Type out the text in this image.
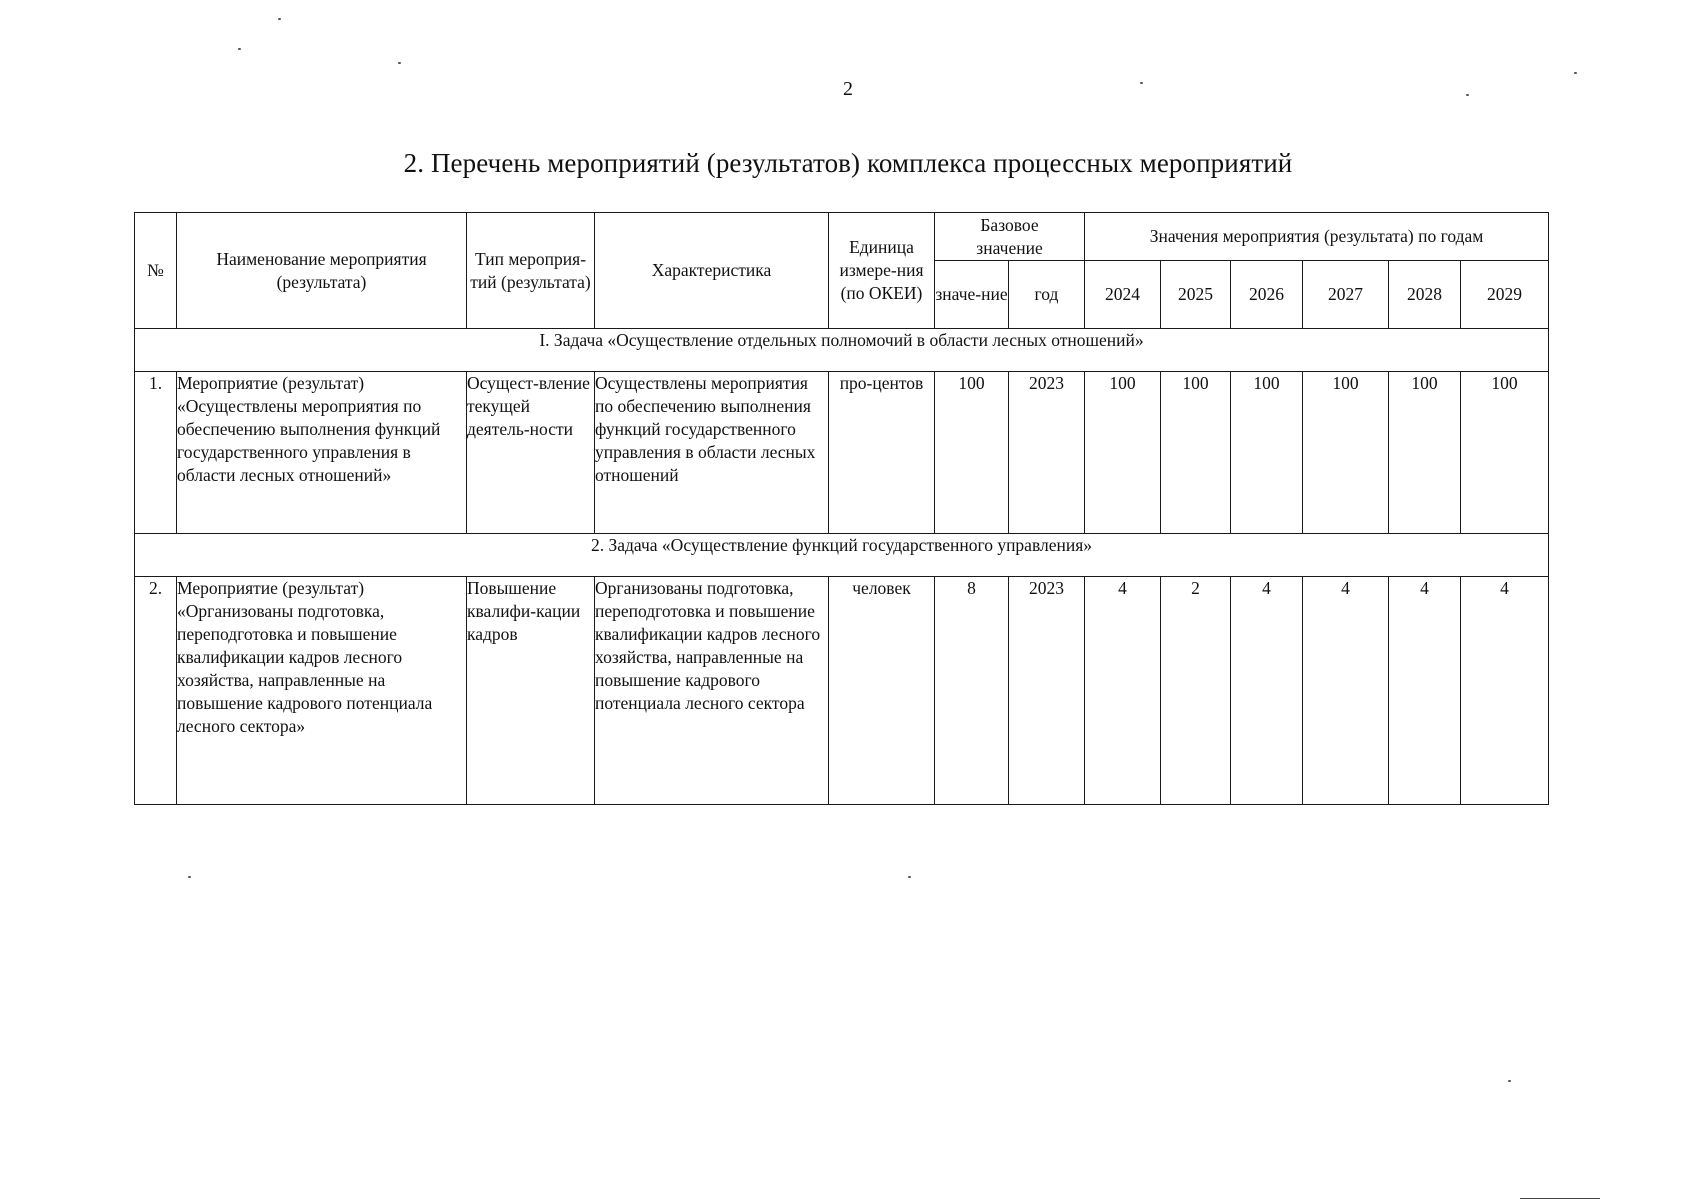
2
2. Перечень мероприятий (результатов) комплекса процессных мероприятий
№	Наименование мероприятия (результата)	Тип мероприя-тий (результата)	Характеристика	Единица измере-ния (по ОКЕИ)	Базовое значение		Значения мероприятия (результата) по годам					
					значе-ние	год	2024	2025	2026	2027	2028	2029
I. Задача «Осуществление отдельных полномочий в области лесных отношений»												
1.	Мероприятие (результат) «Осуществлены мероприятия по обеспечению выполнения функций государственного управления в области лесных отношений»	Осущест-вление текущей деятель-ности	Осуществлены мероприятия по обеспечению выполнения функций государственного управления в области лесных отношений	про-центов	100	2023	100	100	100	100	100	100
2. Задача «Осуществление функций государственного управления»												
2.	Мероприятие (результат) «Организованы подготовка, переподготовка и повышение квалификации кадров лесного хозяйства, направленные на повышение кадрового потенциала лесного сектора»	Повышение квалифи-кации кадров	Организованы подготовка, переподготовка и повышение квалификации кадров лесного хозяйства, направленные на повышение кадрового потенциала лесного сектора	человек	8	2023	4	2	4	4	4	4
